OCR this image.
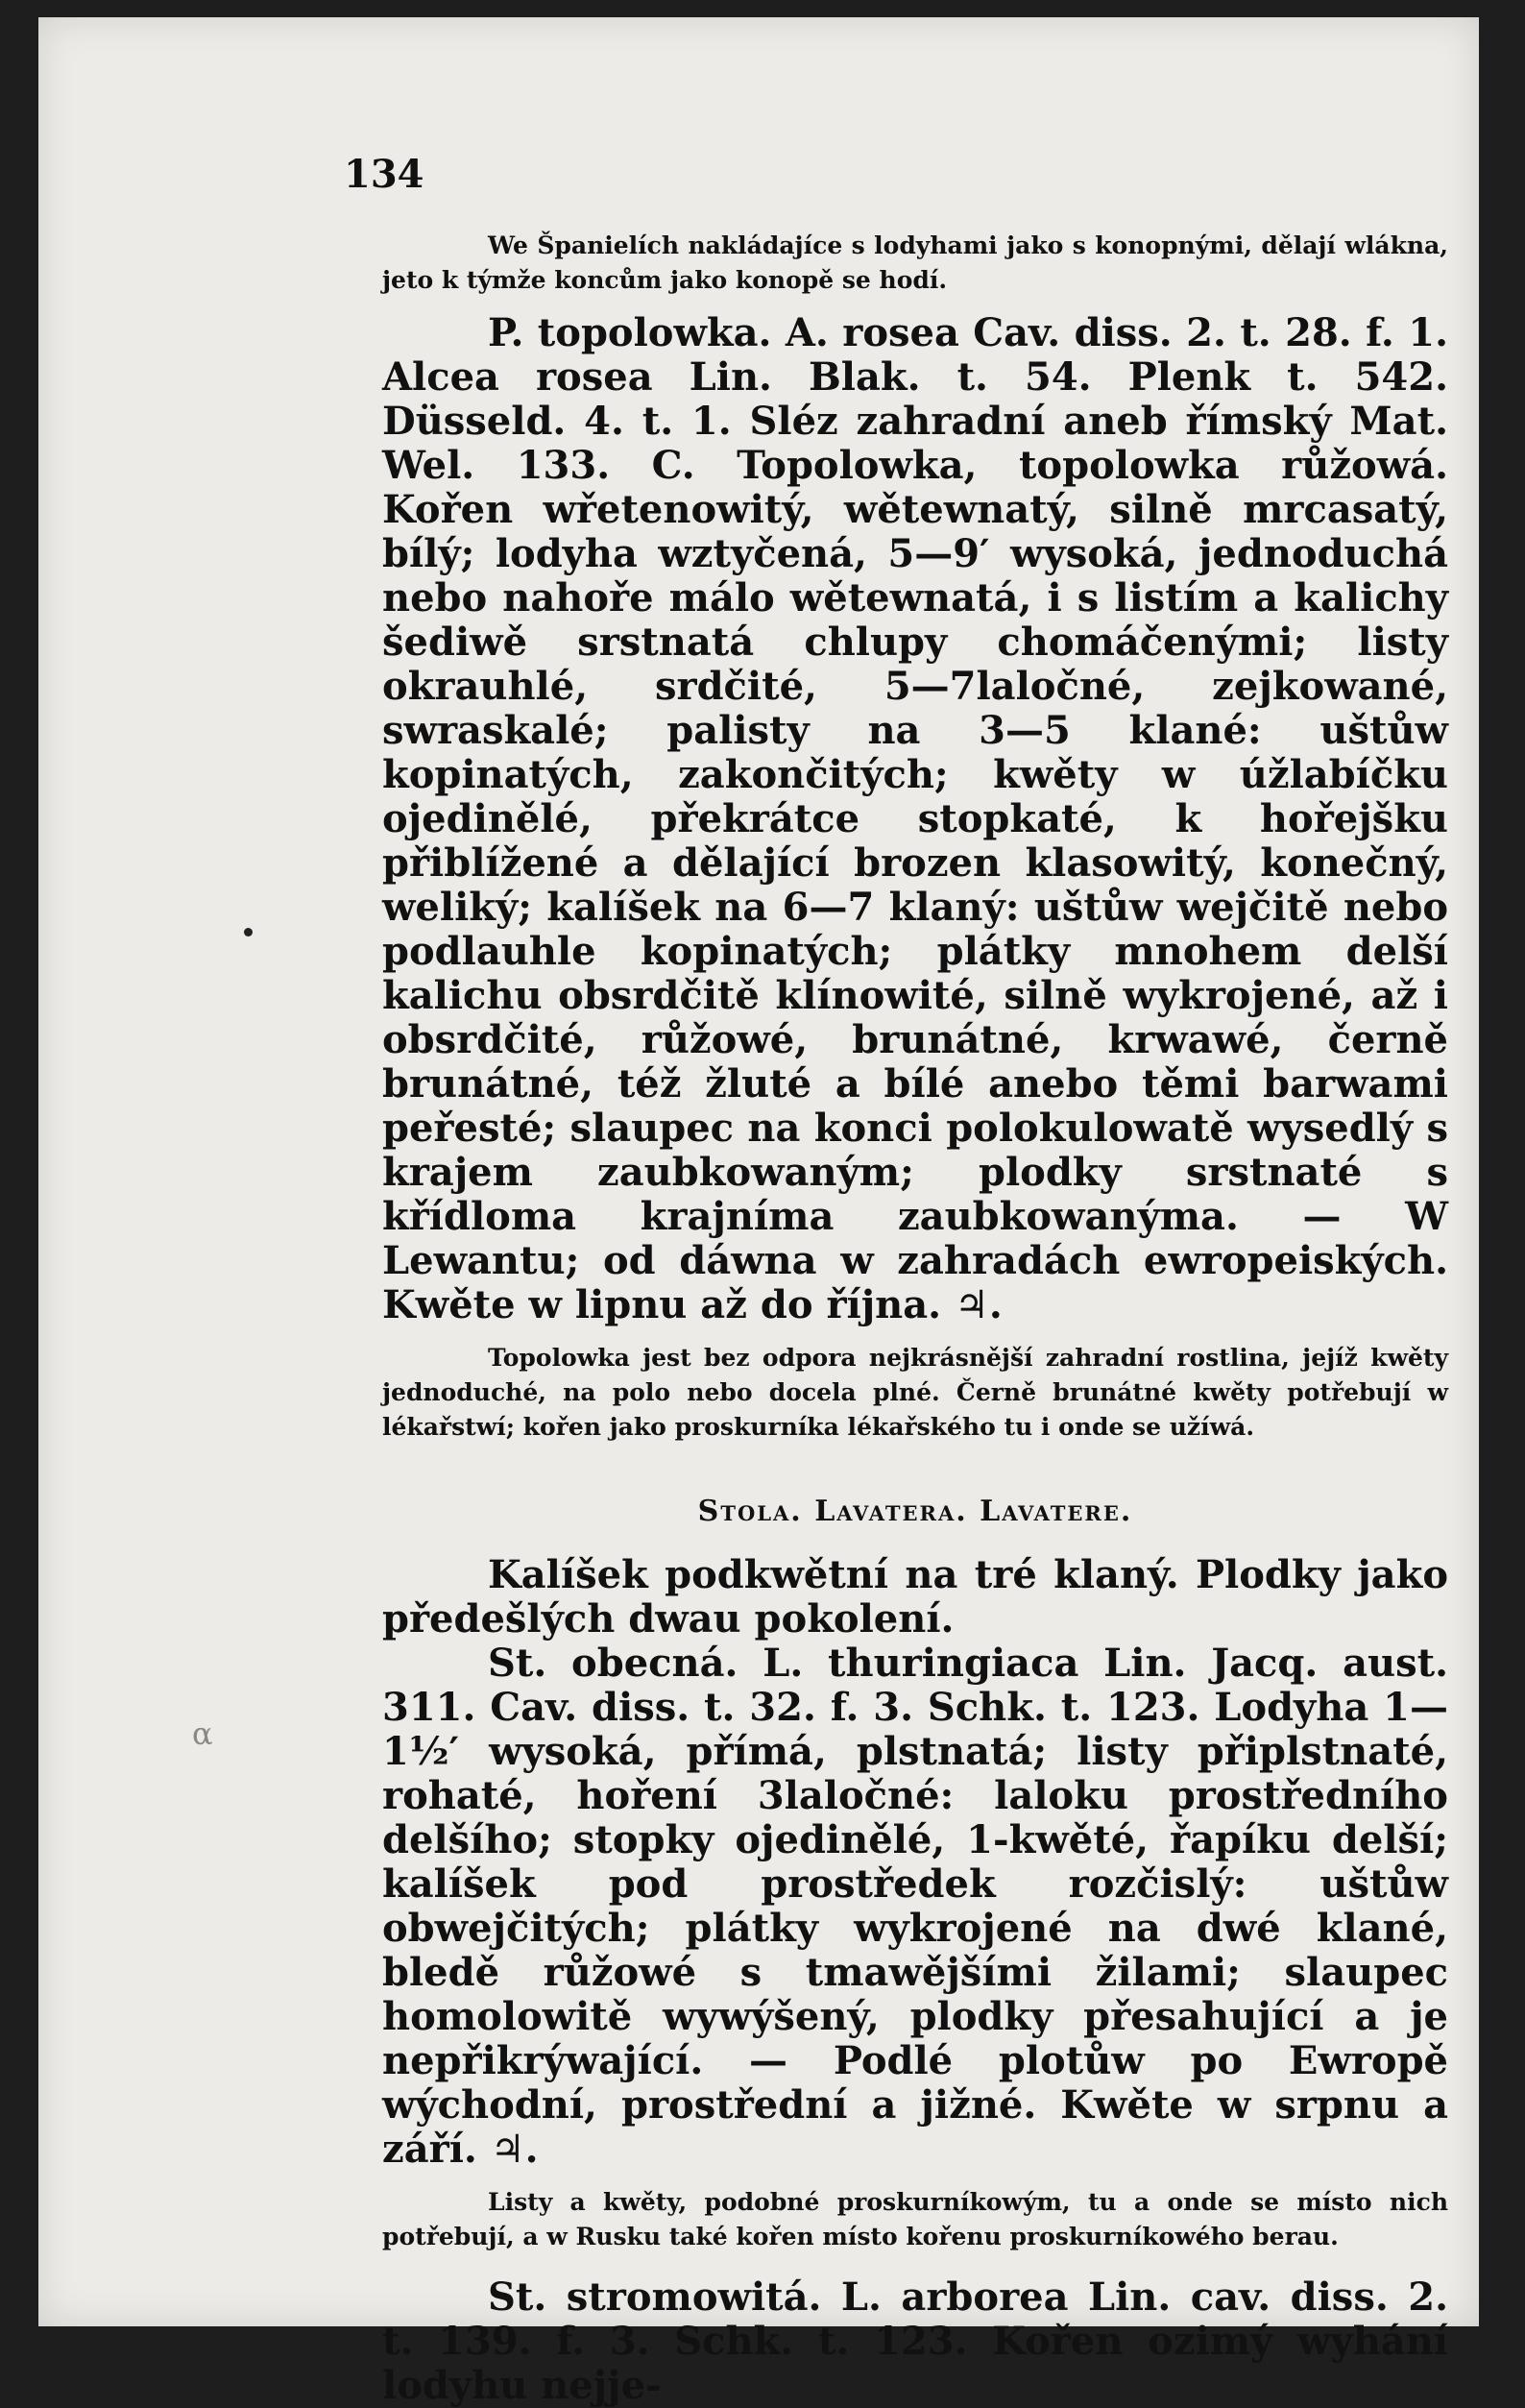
134
α

We Španielích nakládajíce s lodyhami jako s konopnými, dělají wlákna, jeto k týmže koncům jako konopě se hodí.

P. topolowka. A. rosea Cav. diss. 2. t. 28. f. 1. Alcea rosea Lin. Blak. t. 54. Plenk t. 542. Düsseld. 4. t. 1. Sléz zahradní aneb římský Mat. Wel. 133. C. Topolowka, topolowka růžowá. Kořen wřetenowitý, wětewnatý, silně mrcasatý, bílý; lodyha wztyčená, 5—9′ wysoká, jednoduchá nebo nahoře málo wětewnatá, i s listím a kalichy šediwě srstnatá chlupy chomáčenými; listy okrauhlé, srdčité, 5—7laločné, zejkowané, swraskalé; palisty na 3—5 klané: uštůw kopinatých, zakončitých; kwěty w úžlabíčku ojedinělé, překrátce stopkaté, k hořejšku přiblížené a dělající brozen klasowitý, konečný, weliký; kalíšek na 6—7 klaný: uštůw wejčitě nebo podlauhle kopinatých; plátky mnohem delší kalichu obsrdčitě klínowité, silně wykrojené, až i obsrdčité, růžowé, brunátné, krwawé, černě brunátné, též žluté a bílé anebo těmi barwami peřesté; slaupec na konci polokulowatě wysedlý s krajem zaubkowaným; plodky srstnaté s křídloma krajníma zaubkowanýma. — W Lewantu; od dáwna w zahradách ewropeiských. Kwěte w lipnu až do října. ♃.

Topolowka jest bez odpora nejkrásnější zahradní rostlina, jejíž kwěty jednoduché, na polo nebo docela plné. Černě brunátné kwěty potřebují w lékařstwí; kořen jako proskurníka lékařského tu i onde se užíwá.

Stola. Lavatera. Lavatere.

Kalíšek podkwětní na tré klaný. Plodky jako předešlých dwau pokolení.

St. obecná. L. thuringiaca Lin. Jacq. aust. 311. Cav. diss. t. 32. f. 3. Schk. t. 123. Lodyha 1—1½′ wysoká, přímá, plstnatá; listy připlstnaté, rohaté, hoření 3laločné: laloku prostředního delšího; stopky ojedinělé, 1-kwěté, řapíku delší; kalíšek pod prostředek rozčislý: uštůw obwejčitých; plátky wykrojené na dwé klané, bledě růžowé s tmawějšími žilami; slaupec homolowitě wywýšený, plodky přesahující a je nepřikrýwající. — Podlé plotůw po Ewropě wýchodní, prostřední a jižné. Kwěte w srpnu a září. ♃.

Listy a kwěty, podobné proskurníkowým, tu a onde se místo nich potřebují, a w Rusku také kořen místo kořenu proskurníkowého berau.

St. stromowitá. L. arborea Lin. cav. diss. 2. t. 139. f. 3. Schk. t. 123. Kořen ozimý wyhání lodyhu nejje-
